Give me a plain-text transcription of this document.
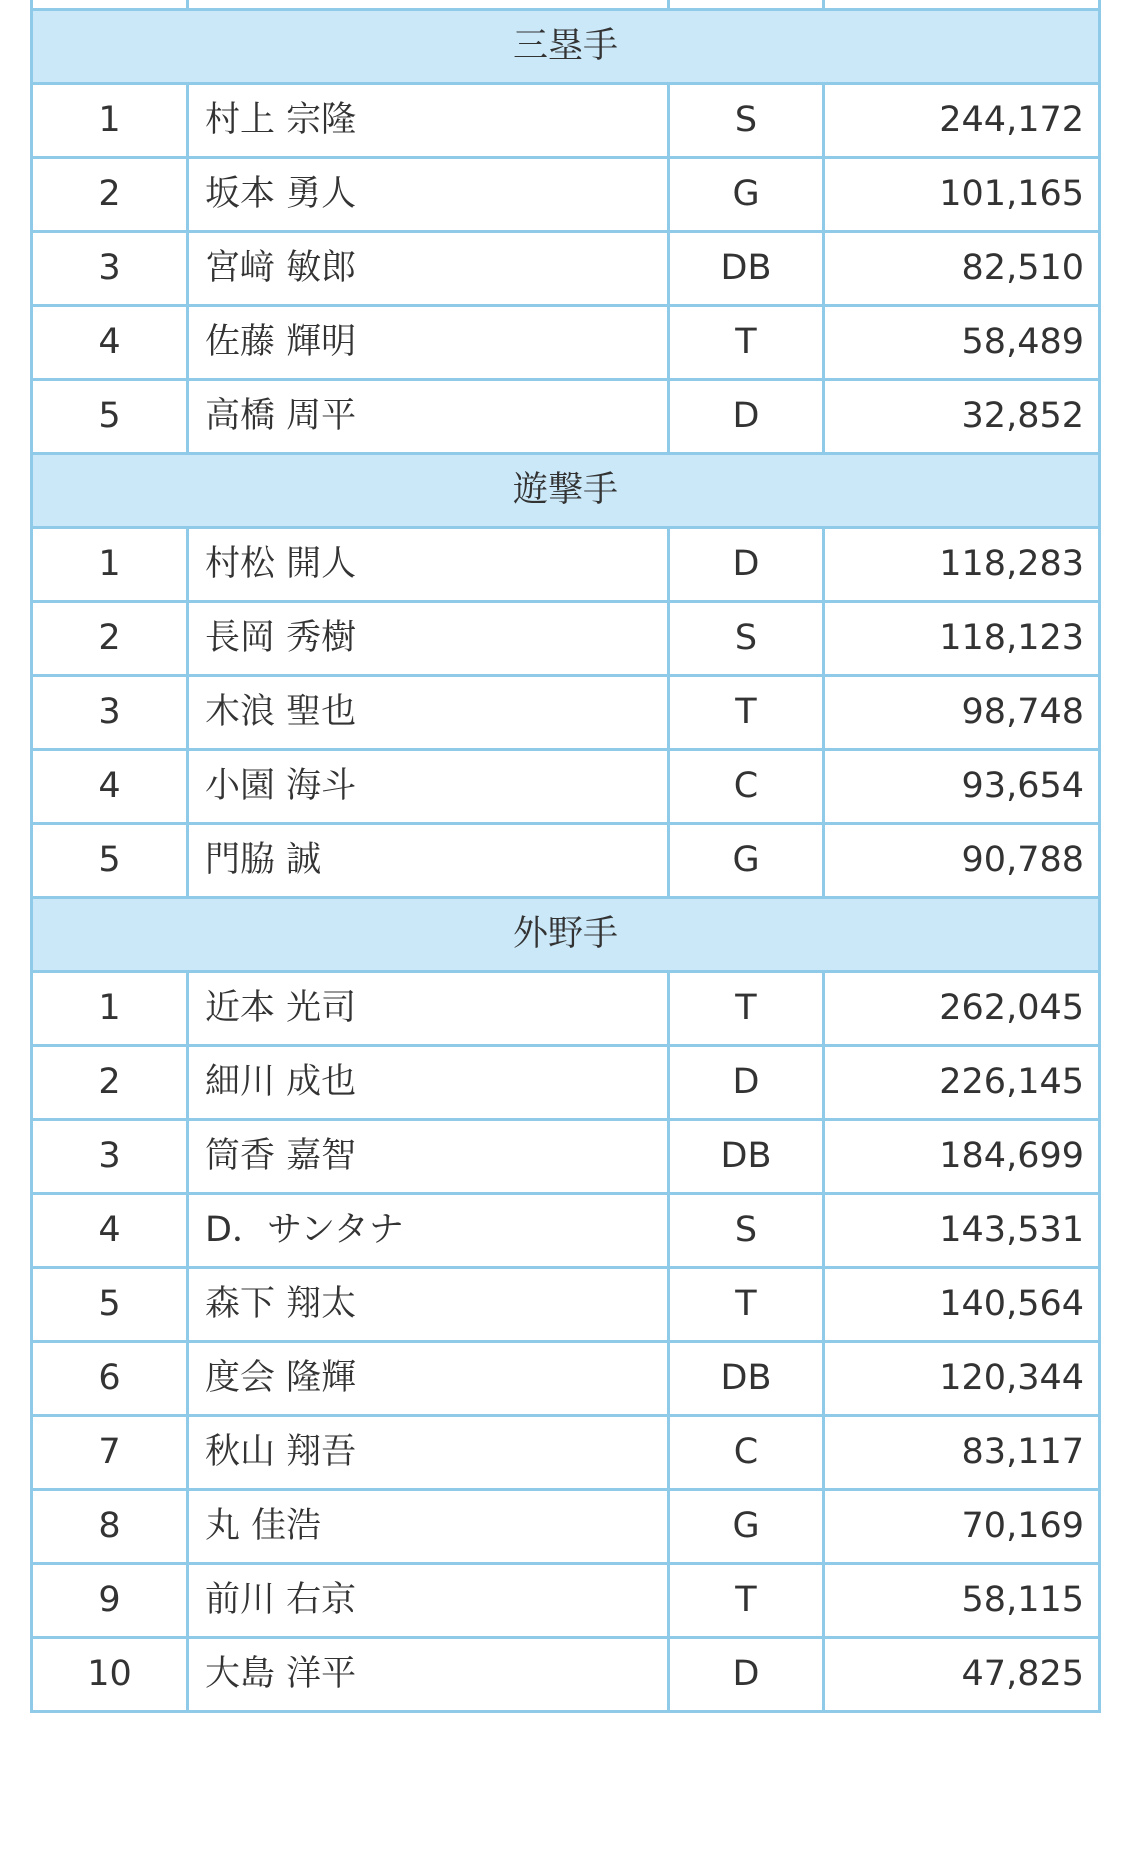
三塁手			
1	村上 宗隆	S	244,172
2	坂本 勇人	G	101,165
3	宮﨑 敏郎	DB	82,510
4	佐藤 輝明	T	58,489
5	高橋 周平	D	32,852
遊撃手			
1	村松 開人	D	118,283
2	長岡 秀樹	S	118,123
3	木浪 聖也	T	98,748
4	小園 海斗	C	93,654
5	門脇 誠	G	90,788
外野手			
1	近本 光司	T	262,045
2	細川 成也	D	226,145
3	筒香 嘉智	DB	184,699
4	D．サンタナ	S	143,531
5	森下 翔太	T	140,564
6	度会 隆輝	DB	120,344
7	秋山 翔吾	C	83,117
8	丸 佳浩	G	70,169
9	前川 右京	T	58,115
10	大島 洋平	D	47,825
